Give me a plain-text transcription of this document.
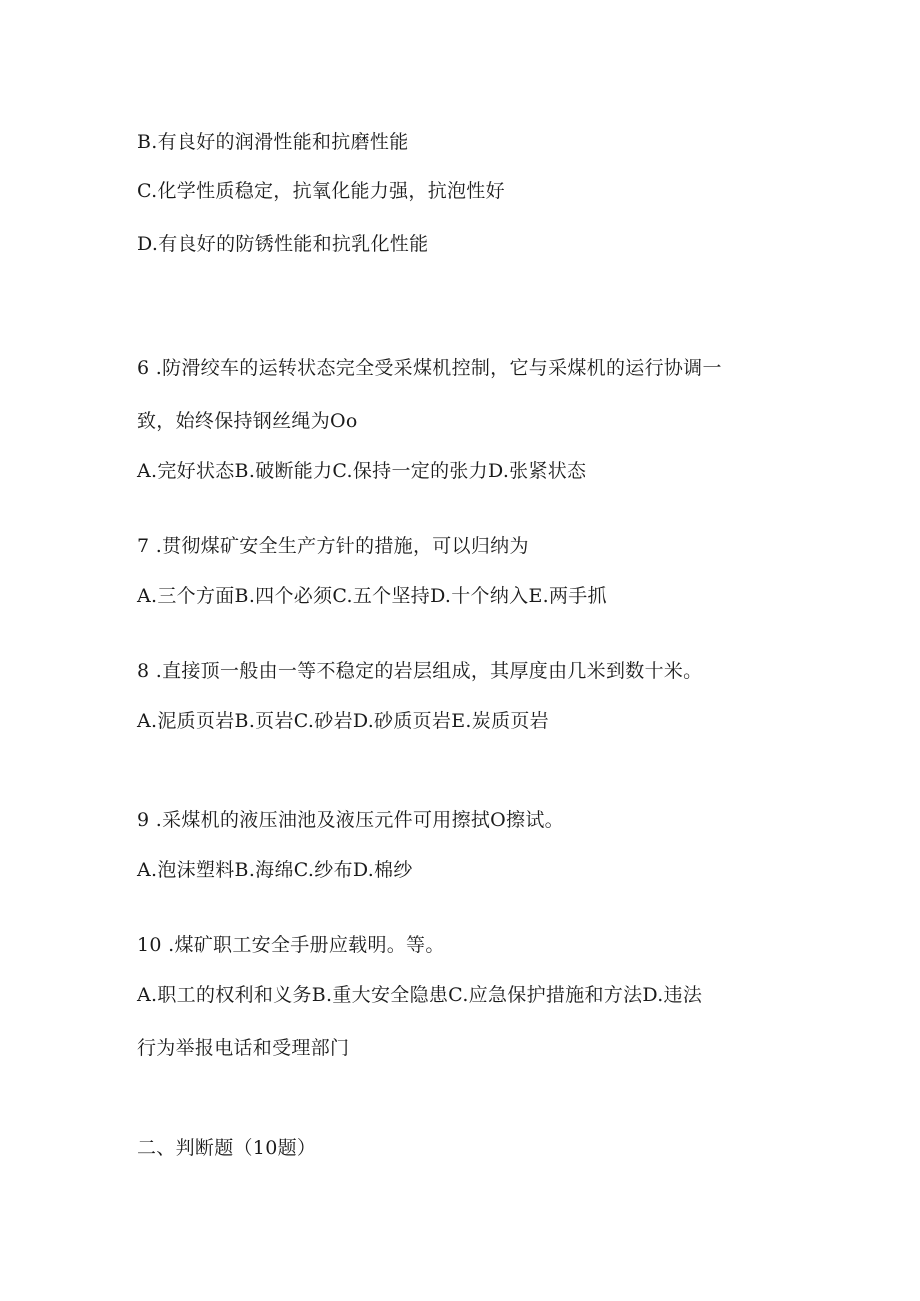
B.有良好的润滑性能和抗磨性能
C.化学性质稳定，抗氧化能力强，抗泡性好
D.有良好的防锈性能和抗乳化性能
6 .防滑绞车的运转状态完全受采煤机控制，它与采煤机的运行协调一
致，始终保持钢丝绳为Oo
A.完好状态B.破断能力C.保持一定的张力D.张紧状态
7 .贯彻煤矿安全生产方针的措施，可以归纳为
A.三个方面B.四个必须C.五个坚持D.十个纳入E.两手抓
8 .直接顶一般由一等不稳定的岩层组成，其厚度由几米到数十米。
A.泥质页岩B.页岩C.砂岩D.砂质页岩E.炭质页岩
9 .采煤机的液压油池及液压元件可用擦拭O擦试。
A.泡沫塑料B.海绵C.纱布D.棉纱
10 .煤矿职工安全手册应载明。等。
A.职工的权利和义务B.重大安全隐患C.应急保护措施和方法D.违法
行为举报电话和受理部门
二、判断题（10题）
